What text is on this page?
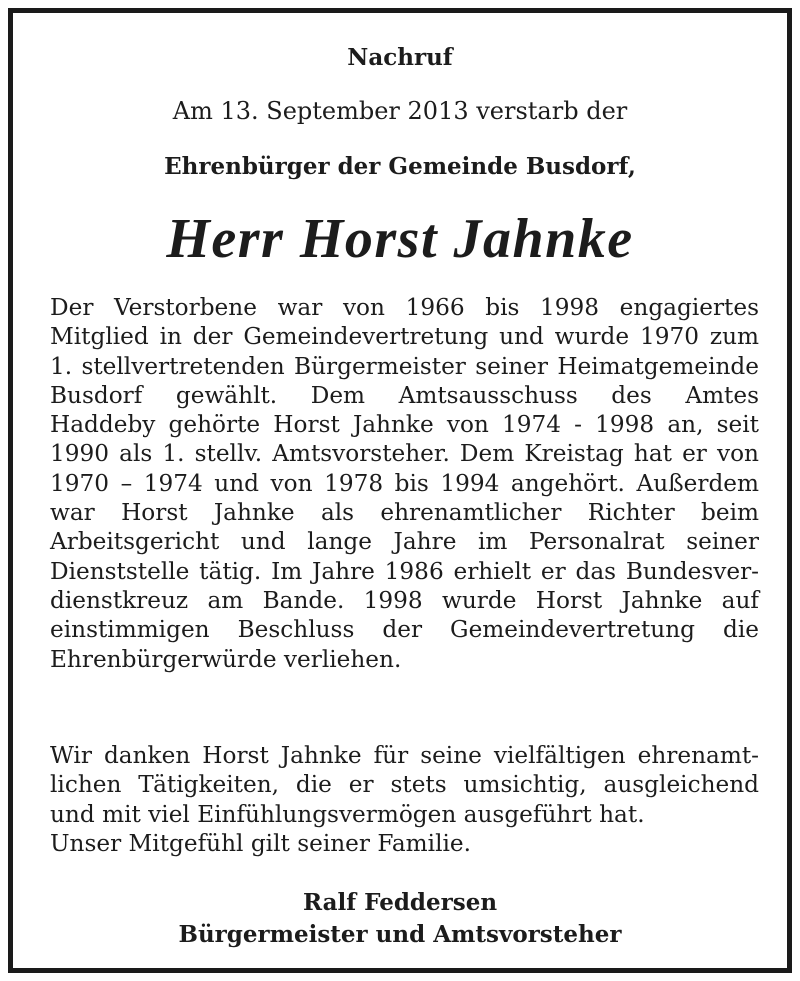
Nachruf
Am 13. September 2013 verstarb der
Ehrenbürger der Gemeinde Busdorf,
Herr Horst Jahnke
Der Verstorbene war von 1966 bis 1998 engagiertes
Mitglied in der Gemeindevertretung und wurde 1970 zum
1. stellvertretenden Bürgermeister seiner Heimatgemeinde
Busdorf gewählt. Dem Amtsausschuss des Amtes
Haddeby gehörte Horst Jahnke von 1974 - 1998 an, seit
1990 als 1. stellv. Amtsvorsteher. Dem Kreistag hat er von
1970 – 1974 und von 1978 bis 1994 angehört. Außerdem
war Horst Jahnke als ehrenamtlicher Richter beim
Arbeitsgericht und lange Jahre im Personalrat seiner
Dienststelle tätig. Im Jahre 1986 erhielt er das Bundesver-
dienstkreuz am Bande. 1998 wurde Horst Jahnke auf
einstimmigen Beschluss der Gemeindevertretung die
Ehrenbürgerwürde verliehen.
Wir danken Horst Jahnke für seine vielfältigen ehrenamt-
lichen Tätigkeiten, die er stets umsichtig, ausgleichend
und mit viel Einfühlungsvermögen ausgeführt hat.
Unser Mitgefühl gilt seiner Familie.
Ralf Feddersen
Bürgermeister und Amtsvorsteher
